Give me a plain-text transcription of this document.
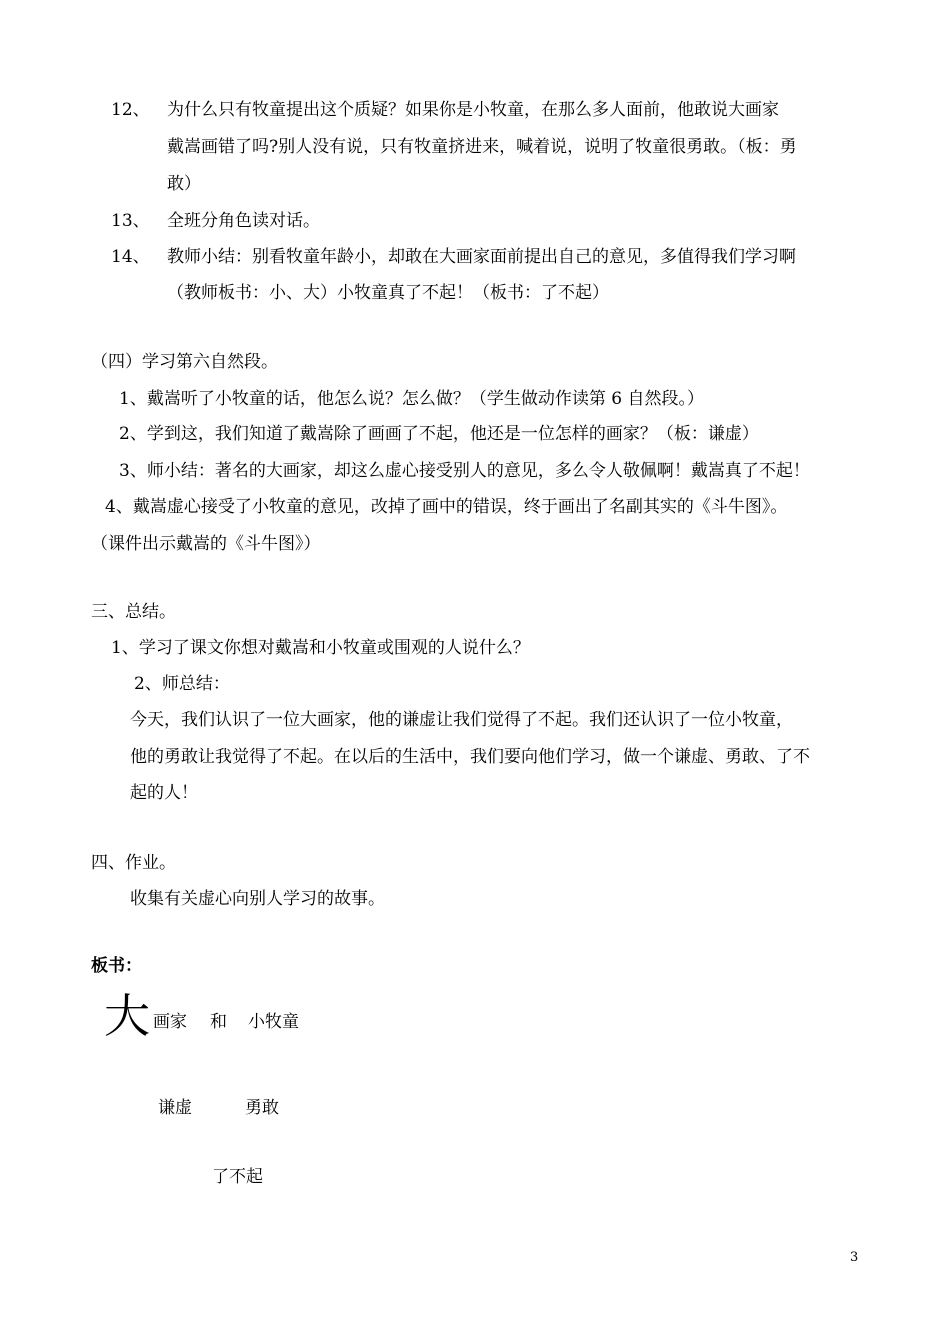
12、 为什么只有牧童提出这个质疑？如果你是小牧童，在那么多人面前，他敢说大画家
戴嵩画错了吗?别人没有说，只有牧童挤进来，喊着说，说明了牧童很勇敢。（板：勇
敢）
13、 全班分角色读对话。
14、 教师小结：别看牧童年龄小，却敢在大画家面前提出自己的意见，多值得我们学习啊
（教师板书：小、大）小牧童真了不起！（板书：了不起）
（四）学习第六自然段。
1、戴嵩听了小牧童的话，他怎么说？怎么做？（学生做动作读第 6 自然段。）
2、学到这，我们知道了戴嵩除了画画了不起，他还是一位怎样的画家？（板：谦虚）
3、师小结：著名的大画家，却这么虚心接受别人的意见，多么令人敬佩啊！戴嵩真了不起！
4、戴嵩虚心接受了小牧童的意见，改掉了画中的错误，终于画出了名副其实的《斗牛图》。
（课件出示戴嵩的《斗牛图》）
三、总结。
1、学习了课文你想对戴嵩和小牧童或围观的人说什么？
2、师总结：
今天，我们认识了一位大画家，他的谦虚让我们觉得了不起。我们还认识了一位小牧童，
他的勇敢让我觉得了不起。在以后的生活中，我们要向他们学习，做一个谦虚、勇敢、了不
起的人！
四、作业。
收集有关虚心向别人学习的故事。
板书：
大 画家 和 小牧童
谦虚	勇敢
了不起
3
